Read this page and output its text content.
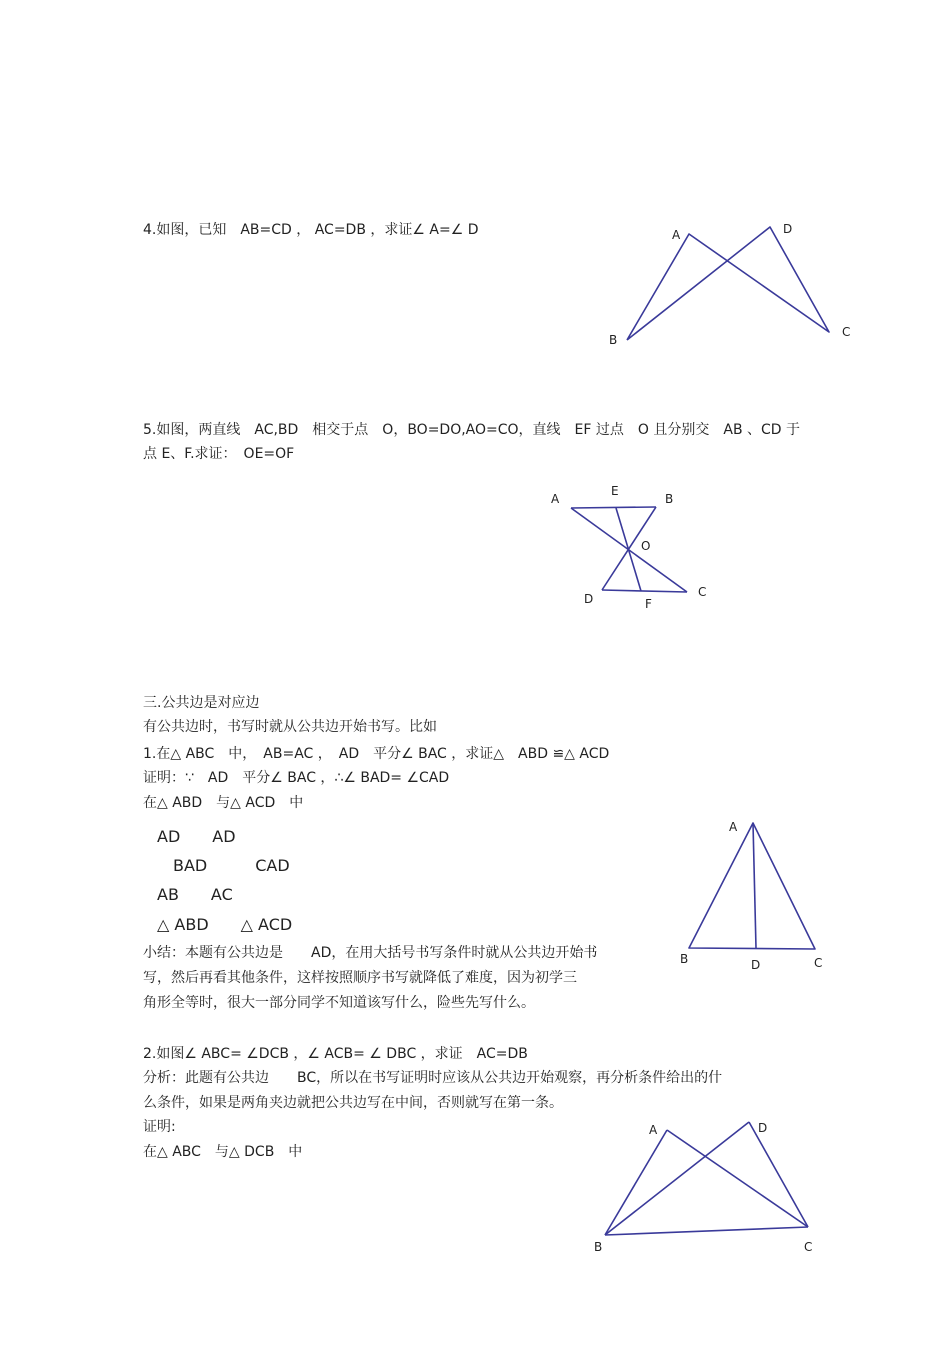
4.如图，已知　AB=CD ， AC=DB ，求证∠ A=∠ D	A	D
B
C
5.如图，两直线　AC,BD　相交于点　O，BO=DO,AO=CO，直线　EF 过点　O 且分别交　AB 、CD 于
点 E、F.求证：　OE=OF
A
E
B
O
D	F
C
三.公共边是对应边
有公共边时，书写时就从公共边开始书写。比如
1.在△ ABC　中，　AB=AC ，　AD　平分∠ BAC ，求证△　ABD ≌△ ACD
证明：∵　AD　平分∠ BAC ，∴∠ BAD= ∠CAD
在△ ABD　与△ ACD　中
AD　　AD
　BAD　　　CAD
AB　　AC
△ ABD　　△ ACD
小结：本题有公共边是　　AD，在用大括号书写条件时就从公共边开始书
写，然后再看其他条件，这样按照顺序书写就降低了难度，因为初学三
角形全等时，很大一部分同学不知道该写什么，险些先写什么。
A
B	D	C
2.如图∠ ABC= ∠DCB ，∠ ACB= ∠ DBC ，求证　AC=DB
分析：此题有公共边　　BC，所以在书写证明时应该从公共边开始观察，再分析条件给出的什
么条件，如果是两角夹边就把公共边写在中间，否则就写在第一条。
证明:
在△ ABC　与△ DCB　中
A	D
B	C
